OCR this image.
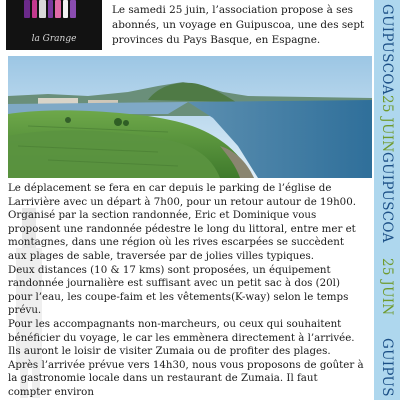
la Grange
Le samedi 25 juin, l’association propose à ses abonnés, un voyage en Guipuscoa, une des sept provinces du Pays Basque, en Espagne.

Le déplacement se fera en car depuis le parking de l’église de Larrivière avec un départ à 7h00, pour un retour autour de 19h00.

Organisé par la section randonnée, Eric et Dominique vous proposent une randonnée pédestre le long du littoral, entre mer et montagnes, dans une région où les rives escarpées se succèdent aux plages de sable, traversée par de jolies villes typiques.

Deux distances (10 & 17 kms) sont proposées, un équipement randonnée journalière est suffisant avec un petit sac à dos (20l) pour l’eau, les coupe-faim et les vêtements(K-way) selon le temps prévu.

Pour les accompagnants non-marcheurs, ou ceux qui souhaitent bénéficier du voyage, le car les emmènera directement à l’arrivée. Ils auront le loisir de visiter Zumaia ou de profiter des plages.

Après l’arrivée prévue vers 14h30, nous vous proposons de goûter à la gastronomie locale dans un restaurant de Zumaia. Il faut compter environ

GUIPUSCOA
25 JUIN
GUIPUSCOA
25 JUIN
GUIPUS
